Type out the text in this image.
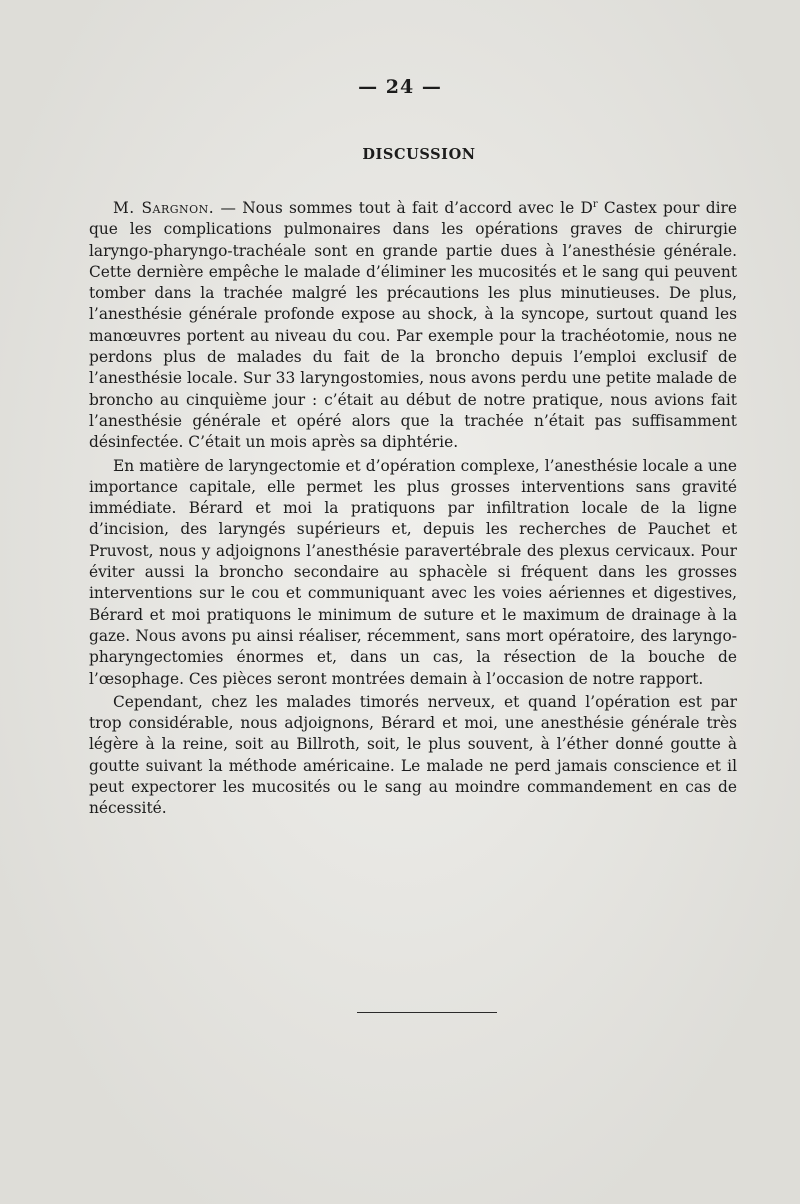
— 24 —
DISCUSSION

M. Sargnon. — Nous sommes tout à fait d’accord avec le $D^r$ Castex pour dire que les complications pulmonaires dans les opérations graves de chirurgie laryngo-pharyngo-trachéale sont en grande partie dues à l’anesthésie générale. Cette dernière empêche le malade d’éliminer les mucosités et le sang qui peuvent tomber dans la trachée malgré les précautions les plus minutieuses. De plus, l’anesthésie générale profonde expose au shock, à la syncope, surtout quand les manœuvres portent au niveau du cou. Par exemple pour la trachéotomie, nous ne perdons plus de malades du fait de la broncho depuis l’emploi exclusif de l’anesthésie locale. Sur 33 laryngostomies, nous avons perdu une petite malade de broncho au cinquième jour : c’était au début de notre pratique, nous avions fait l’anesthésie générale et opéré alors que la trachée n’était pas suffisamment désinfectée. C’était un mois après sa diphtérie.

En matière de laryngectomie et d’opération complexe, l’anesthésie locale a une importance capitale, elle permet les plus grosses interventions sans gravité immédiate. Bérard et moi la pratiquons par infiltration locale de la ligne d’incision, des laryngés supérieurs et, depuis les recherches de Pauchet et Pruvost, nous y adjoignons l’anesthésie paravertébrale des plexus cervicaux. Pour éviter aussi la broncho secondaire au sphacèle si fréquent dans les grosses interventions sur le cou et communiquant avec les voies aériennes et digestives, Bérard et moi pratiquons le minimum de suture et le maximum de drainage à la gaze. Nous avons pu ainsi réaliser, récemment, sans mort opératoire, des laryngo-pharyngectomies énormes et, dans un cas, la résection de la bouche de l’œsophage. Ces pièces seront montrées demain à l’occasion de notre rapport.

Cependant, chez les malades timorés nerveux, et quand l’opération est par trop considérable, nous adjoignons, Bérard et moi, une anesthésie générale très légère à la reine, soit au Billroth, soit, le plus souvent, à l’éther donné goutte à goutte suivant la méthode américaine. Le malade ne perd jamais conscience et il peut expectorer les mucosités ou le sang au moindre commandement en cas de nécessité.
